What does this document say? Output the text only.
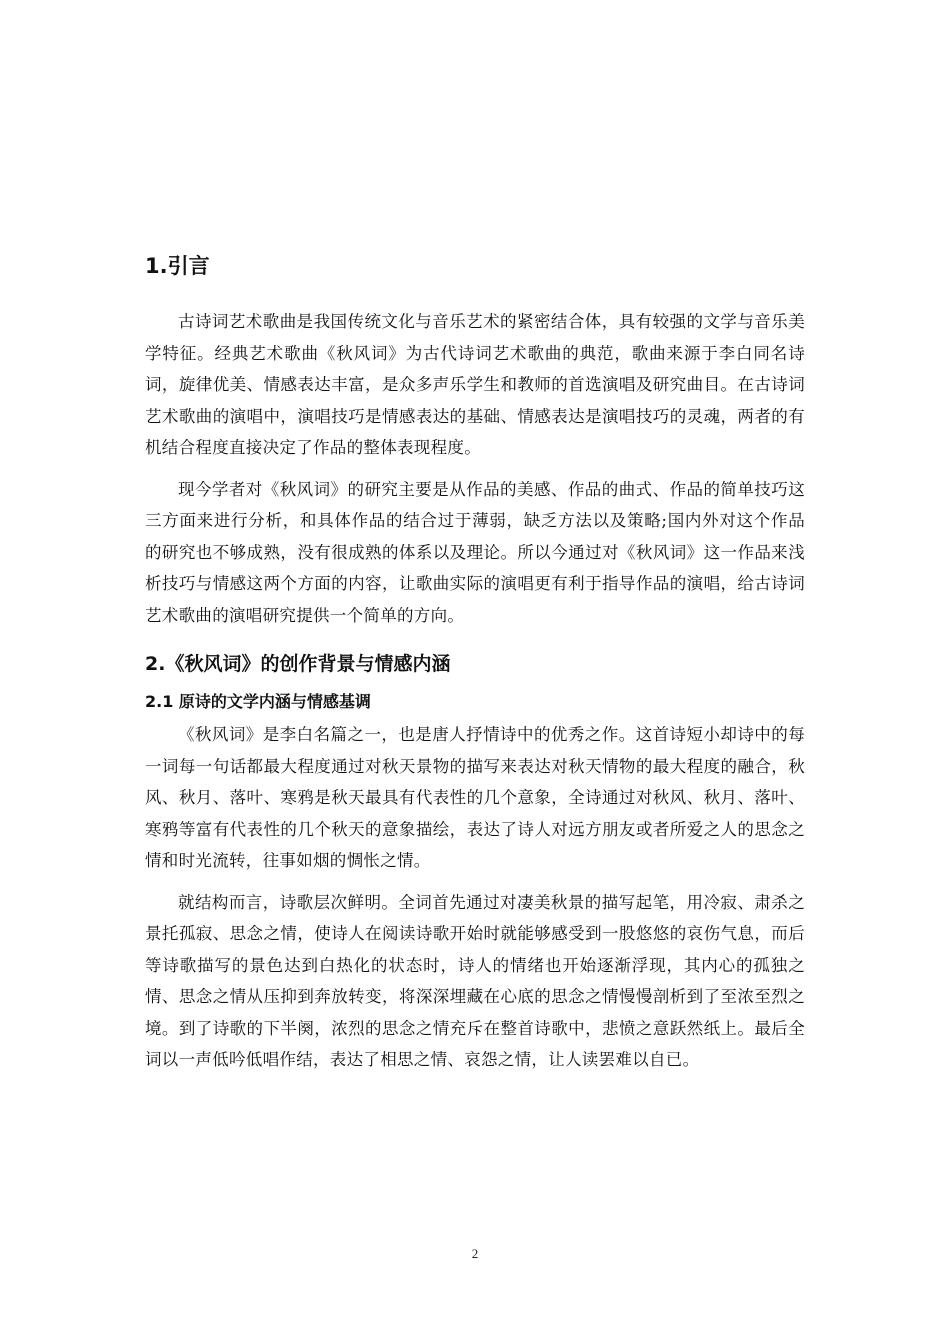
1.引言

古诗词艺术歌曲是我国传统文化与音乐艺术的紧密结合体，具有较强的文学与音乐美学特征。经典艺术歌曲《秋风词》为古代诗词艺术歌曲的典范，歌曲来源于李白同名诗词，旋律优美、情感表达丰富，是众多声乐学生和教师的首选演唱及研究曲目。在古诗词艺术歌曲的演唱中，演唱技巧是情感表达的基础、情感表达是演唱技巧的灵魂，两者的有机结合程度直接决定了作品的整体表现程度。

现今学者对《秋风词》的研究主要是从作品的美感、作品的曲式、作品的简单技巧这三方面来进行分析，和具体作品的结合过于薄弱，缺乏方法以及策略;国内外对这个作品的研究也不够成熟，没有很成熟的体系以及理论。所以今通过对《秋风词》这一作品来浅析技巧与情感这两个方面的内容，让歌曲实际的演唱更有利于指导作品的演唱，给古诗词艺术歌曲的演唱研究提供一个简单的方向。

2.《秋风词》的创作背景与情感内涵
2.1 原诗的文学内涵与情感基调

《秋风词》是李白名篇之一，也是唐人抒情诗中的优秀之作。这首诗短小却诗中的每一词每一句话都最大程度通过对秋天景物的描写来表达对秋天情物的最大程度的融合，秋风、秋月、落叶、寒鸦是秋天最具有代表性的几个意象，全诗通过对秋风、秋月、落叶、寒鸦等富有代表性的几个秋天的意象描绘，表达了诗人对远方朋友或者所爱之人的思念之情和时光流转，往事如烟的惆怅之情。

就结构而言，诗歌层次鲜明。全词首先通过对凄美秋景的描写起笔，用冷寂、肃杀之景托孤寂、思念之情，使诗人在阅读诗歌开始时就能够感受到一股悠悠的哀伤气息，而后等诗歌描写的景色达到白热化的状态时，诗人的情绪也开始逐渐浮现，其内心的孤独之情、思念之情从压抑到奔放转变，将深深埋藏在心底的思念之情慢慢剖析到了至浓至烈之境。到了诗歌的下半阕，浓烈的思念之情充斥在整首诗歌中，悲愤之意跃然纸上。最后全词以一声低吟低唱作结，表达了相思之情、哀怨之情，让人读罢难以自已。

2
